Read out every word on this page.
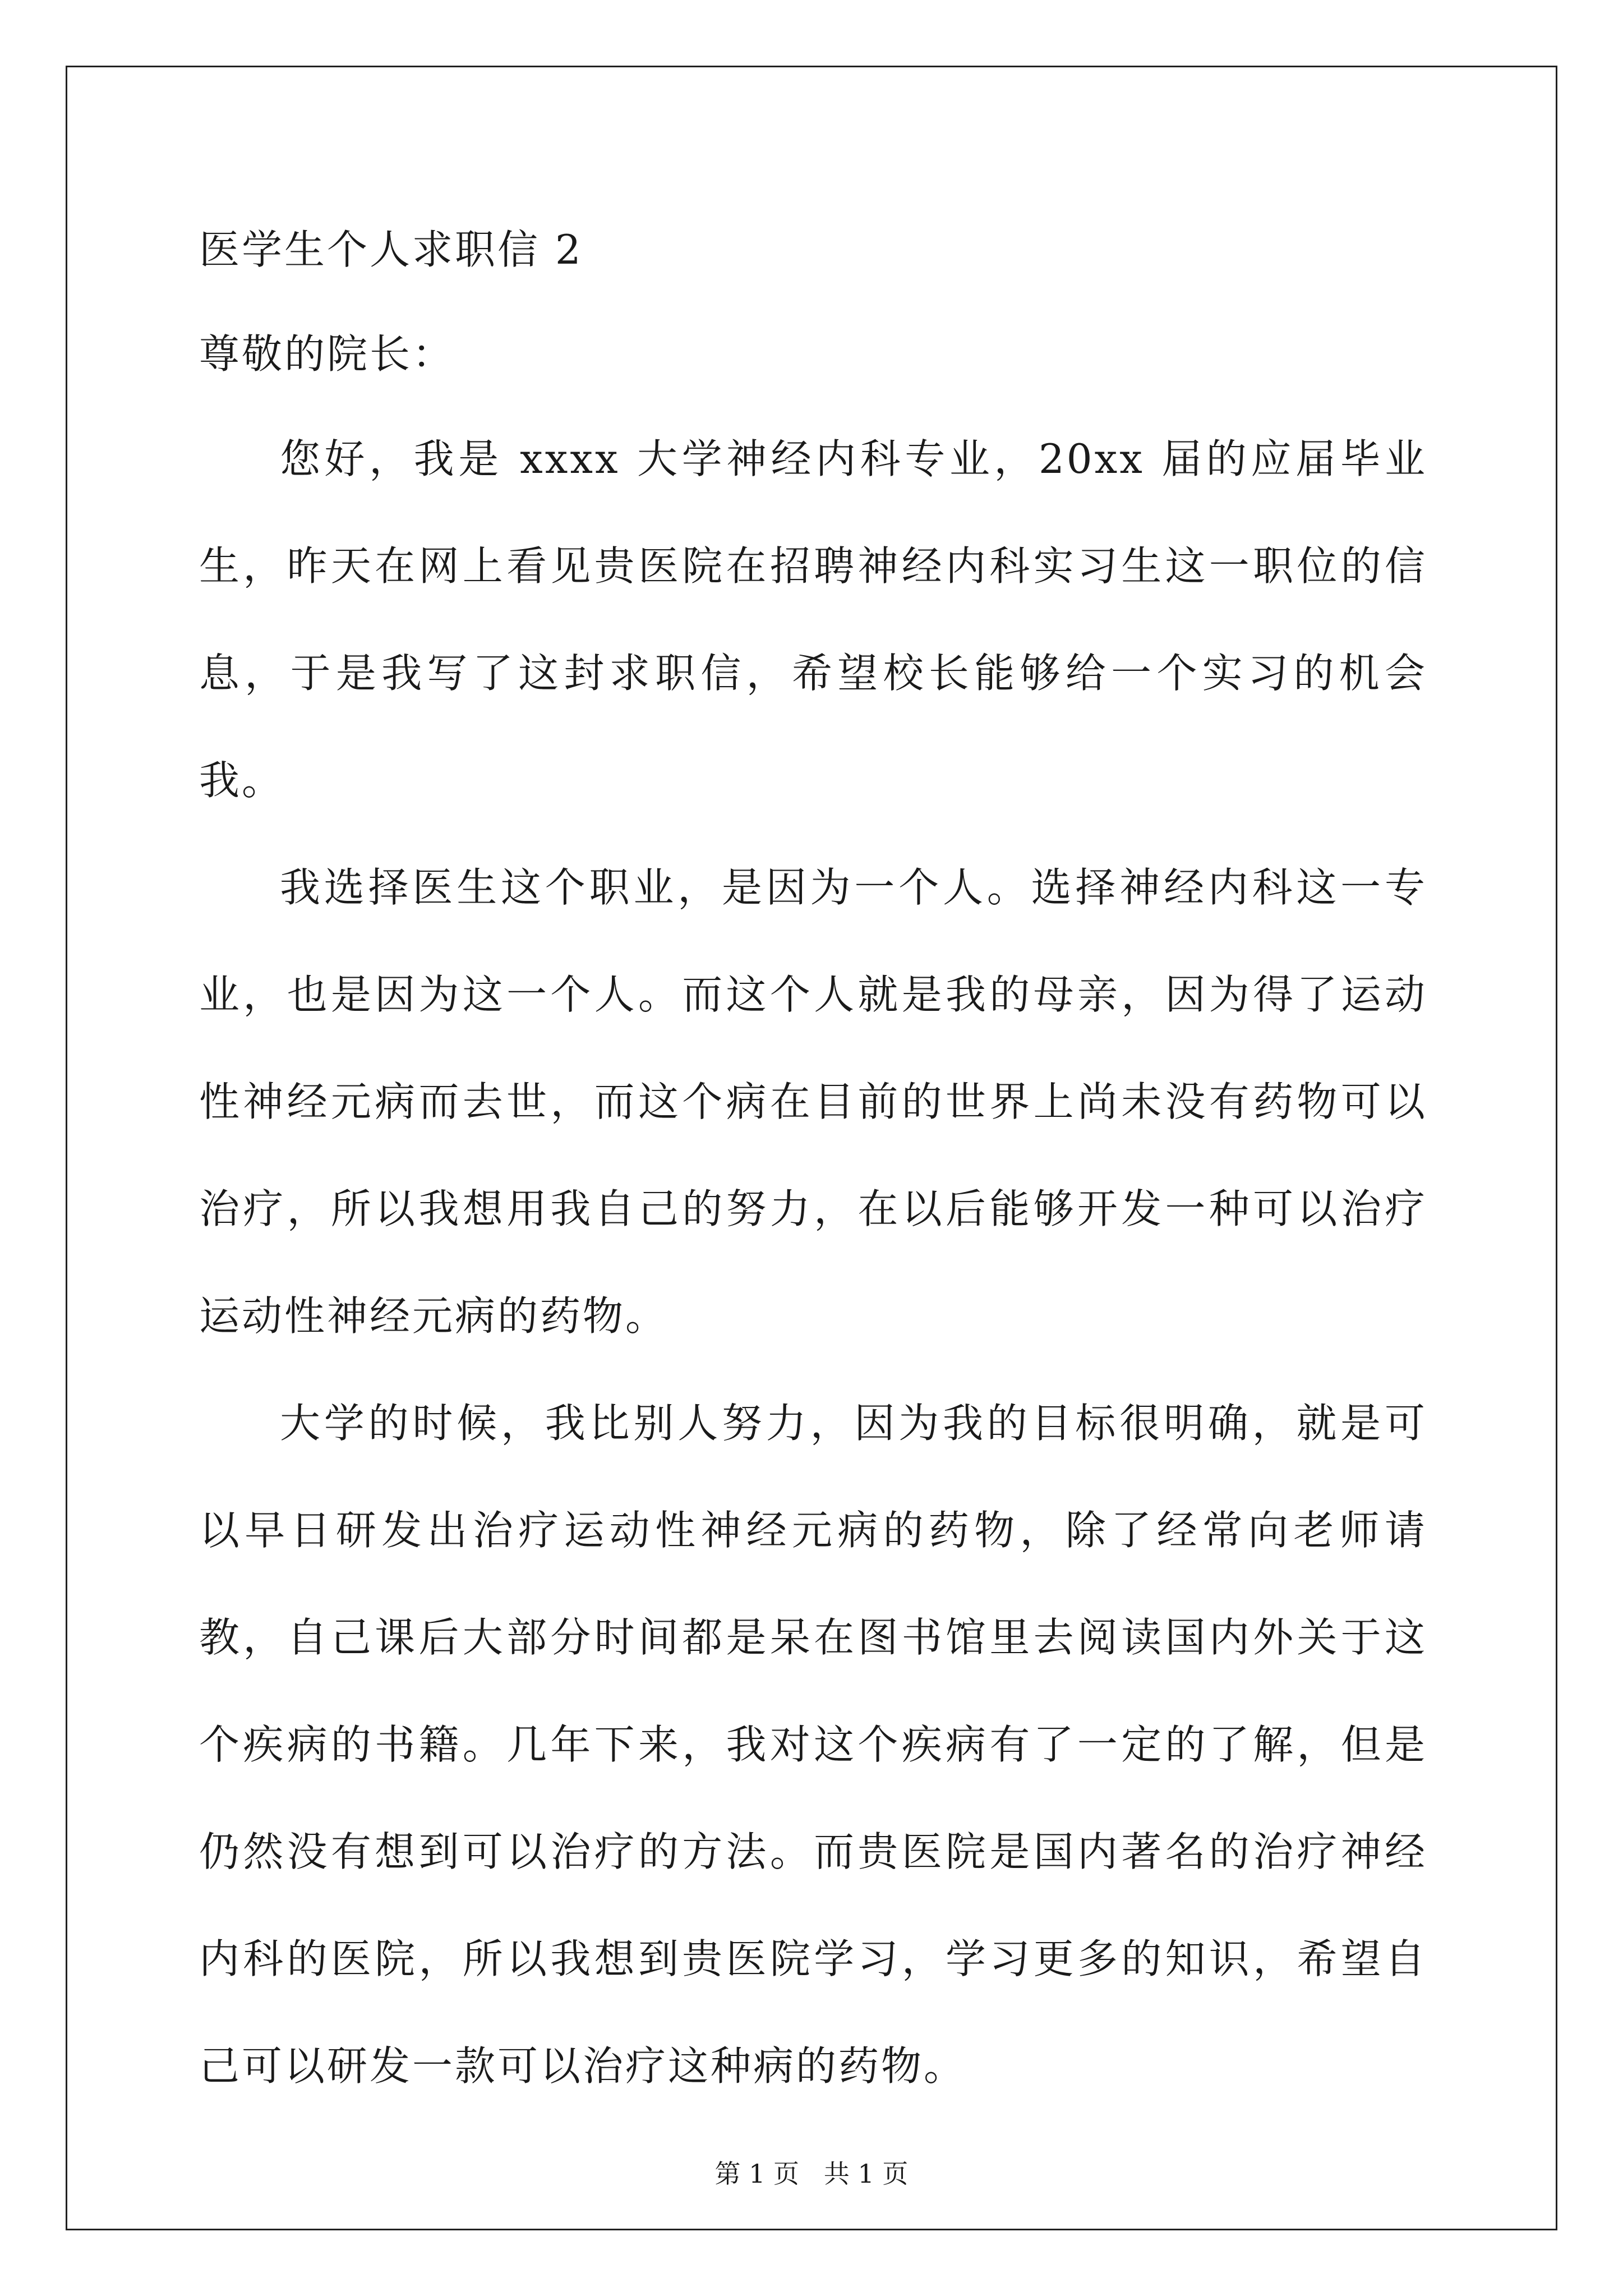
医学生个人求职信 2
尊敬的院长：

您好，我是 xxxx 大学神经内科专业，20xx 届的应届毕业生，昨天在网上看见贵医院在招聘神经内科实习生这一职位的信息，于是我写了这封求职信，希望校长能够给一个实习的机会我。

我选择医生这个职业，是因为一个人。选择神经内科这一专业，也是因为这一个人。而这个人就是我的母亲，因为得了运动性神经元病而去世，而这个病在目前的世界上尚未没有药物可以治疗，所以我想用我自己的努力，在以后能够开发一种可以治疗运动性神经元病的药物。

大学的时候，我比别人努力，因为我的目标很明确，就是可以早日研发出治疗运动性神经元病的药物，除了经常向老师请教，自己课后大部分时间都是呆在图书馆里去阅读国内外关于这个疾病的书籍。几年下来，我对这个疾病有了一定的了解，但是仍然没有想到可以治疗的方法。而贵医院是国内著名的治疗神经内科的医院，所以我想到贵医院学习，学习更多的知识，希望自己可以研发一款可以治疗这种病的药物。

第 1 页   共 1 页
